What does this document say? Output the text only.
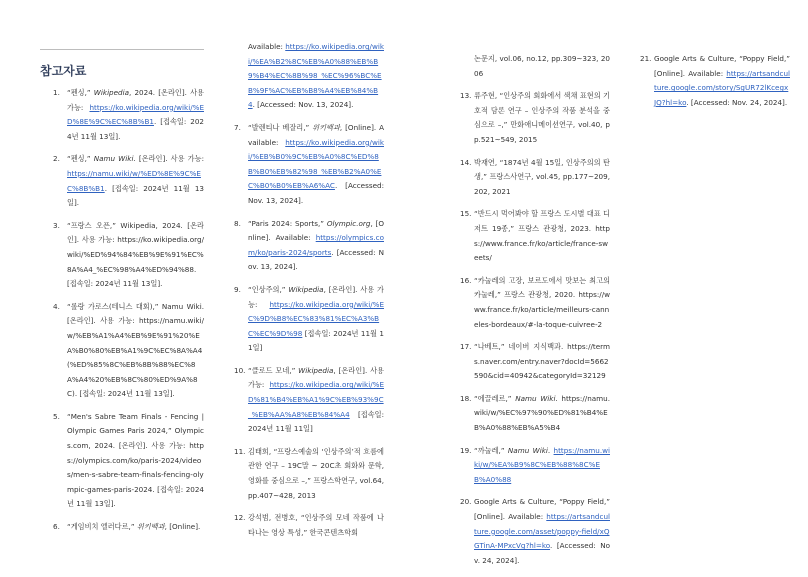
참고자료
1. “펜싱,” Wikipedia, 2024. [온라인]. 사용 가능: https://ko.wikipedia.org/wiki/%ED%8E%9C%EC%8B%B1. [접속일: 2024년 11월 13일].
2. “펜싱,” Namu Wiki. [온라인]. 사용 가능: https://namu.wiki/w/%ED%8E%9C%EC%8B%B1. [접속일: 2024년 11월 13일].
3. “프랑스 오픈,” Wikipedia, 2024. [온라인]. 사용 가능: https://ko.wikipedia.org/wiki/%ED%94%84%EB%9E%91%EC%8A%A4_%EC%98%A4%ED%94%88. [접속일: 2024년 11월 13일].
4. “롤랑 가로스(테니스 대회),” Namu Wiki. [온라인]. 사용 가능: https://namu.wiki/w/%EB%A1%A4%EB%9E%91%20%EA%B0%80%EB%A1%9C%EC%8A%A4(%ED%85%8C%EB%8B%88%EC%8A%A4%20%EB%8C%80%ED%9A%8C). [접속일: 2024년 11월 13일].
5. “Men's Sabre Team Finals - Fencing | Olympic Games Paris 2024,” Olympics.com, 2024. [온라인]. 사용 가능: https://olympics.com/ko/paris-2024/videos/men-s-sabre-team-finals-fencing-olympic-games-paris-2024. [접속일: 2024년 11월 13일].
6. “게임비치 엘러다르,” 위키백과, [Online].
Available: https://ko.wikipedia.org/wiki/%EA%B2%8C%EB%A0%88%EB%B9%B4%EC%8B%98_%EC%96%BC%EB%9F%AC%EB%B8%A4%EB%84%B4. [Accessed: Nov. 13, 2024].
7. “발렌티나 베잘리,” 위키백과, [Online]. Available: https://ko.wikipedia.org/wiki/%EB%B0%9C%EB%A0%8C%ED%8B%B0%EB%82%98_%EB%B2%A0%EC%B0%B0%EB%A6%AC. [Accessed: Nov. 13, 2024].
8. “Paris 2024: Sports,” Olympic.org, [Online]. Available: https://olympics.com/ko/paris-2024/sports. [Accessed: Nov. 13, 2024].
9. “인상주의,” Wikipedia, [온라인]. 사용 가능: https://ko.wikipedia.org/wiki/%EC%9D%B8%EC%83%81%EC%A3%BC%EC%9D%98 [접속일: 2024년 11월 11일]
10. “클로드 모네,” Wikipedia, [온라인]. 사용 가능: https://ko.wikipedia.org/wiki/%ED%81%B4%EB%A1%9C%EB%93%9C_%EB%AA%A8%EB%84%A4 [접속일: 2024년 11월 11일]
11. 김태희, “프랑스예술의 ‘인상주의’적 흐름에 관한 연구 – 19C말 ~ 20C초 회화와 문학, 영화를 중심으로 –,” 프랑스학연구, vol.64, pp.407~428, 2013
12. 강석범, 전병호, “인상주의 모네 작품에 나타나는 영상 특성,” 한국콘텐츠학회
논문지, vol.06, no.12, pp.309~323, 2006
13. 류주현, “인상주의 회화에서 색채 표현의 기호적 담론 연구 – 인상주의 작품 분석을 중심으로 –,” 만화애니메이션연구, vol.40, pp.521~549, 2015
14. 박재연, “1874년 4월 15일, 인상주의의 탄생,” 프랑스사연구, vol.45, pp.177~209, 202, 2021
15. “반드시 먹어봐야 할 프랑스 도시별 대표 디저트 19종,” 프랑스 관광청, 2023. https://www.france.fr/ko/article/france-sweets/
16. “카눌레의 고장, 보르도에서 맛보는 최고의 카눌레,” 프랑스 관광청, 2020. https://www.france.fr/ko/article/meilleurs-canneles-bordeaux/#-la-toque-cuivree-2
17. “나베트,” 네이버 지식백과. https://terms.naver.com/entry.naver?docId=5662590&cid=40942&categoryId=32129
18. “에끌레르,” Namu Wiki. https://namu.wiki/w/%EC%97%90%ED%81%B4%EB%A0%88%EB%A5%B4
19. “까눌레,” Namu Wiki. https://namu.wiki/w/%EA%B9%8C%EB%88%8C%EB%A0%88
20. Google Arts & Culture, “Poppy Field,” [Online]. Available: https://artsandculture.google.com/asset/poppy-field/xQGTinA-MPxcVg?hl=ko. [Accessed: Nov. 24, 2024].
21. Google Arts & Culture, “Poppy Field,” [Online]. Available: https://artsandculture.google.com/story/SgUR72lKcegxJQ?hl=ko. [Accessed: Nov. 24, 2024].
